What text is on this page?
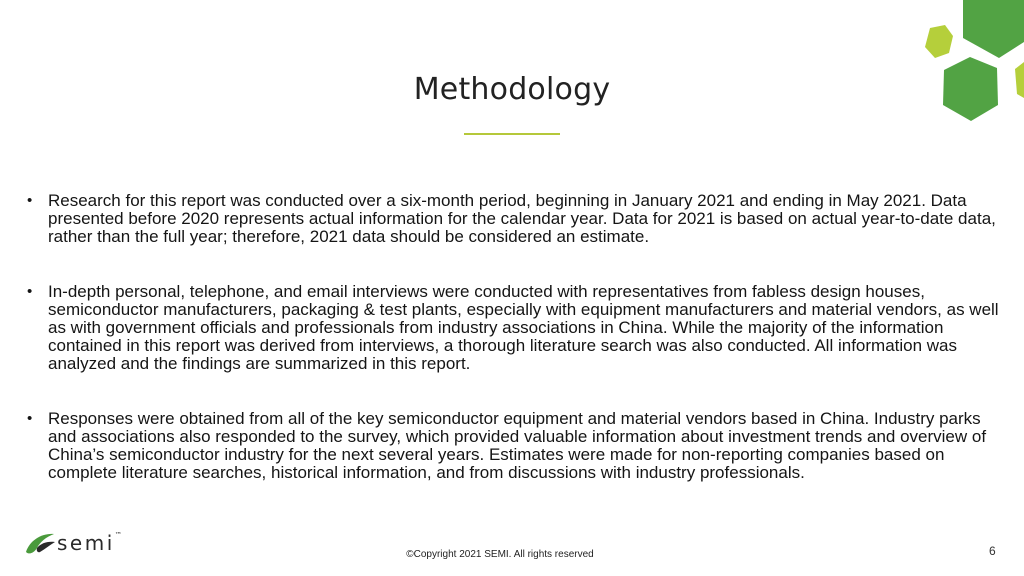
Methodology
• Research for this report was conducted over a six-month period, beginning in January 2021 and ending in May 2021. Data presented before 2020 represents actual information for the calendar year. Data for 2021 is based on actual year-to-date data, rather than the full year; therefore, 2021 data should be considered an estimate.
• In-depth personal, telephone, and email interviews were conducted with representatives from fabless design houses, semiconductor manufacturers, packaging & test plants, especially with equipment manufacturers and material vendors, as well as with government officials and professionals from industry associations in China. While the majority of the information contained in this report was derived from interviews, a thorough literature search was also conducted. All information was analyzed and the findings are summarized in this report.
• Responses were obtained from all of the key semiconductor equipment and material vendors based in China. Industry parks and associations also responded to the survey, which provided valuable information about investment trends and overview of China’s semiconductor industry for the next several years. Estimates were made for non-reporting companies based on complete literature searches, historical information, and from discussions with industry professionals.
semi™
©Copyright 2021 SEMI. All rights reserved	6
